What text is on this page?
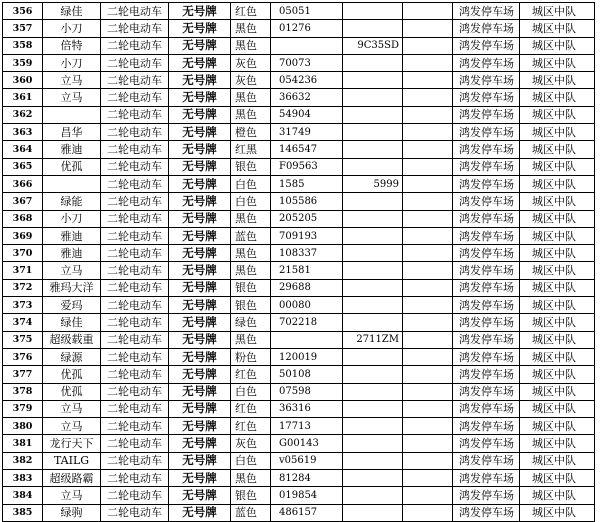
356	绿佳	二轮电动车	无号牌	红色	05051			鸿发停车场	城区中队
357	小刀	二轮电动车	无号牌	黑色	01276			鸿发停车场	城区中队
358	倍特	二轮电动车	无号牌	黑色		9C35SD		鸿发停车场	城区中队
359	小刀	二轮电动车	无号牌	灰色	70073			鸿发停车场	城区中队
360	立马	二轮电动车	无号牌	灰色	054236			鸿发停车场	城区中队
361	立马	二轮电动车	无号牌	黑色	36632			鸿发停车场	城区中队
362		二轮电动车	无号牌	黑色	54904			鸿发停车场	城区中队
363	昌华	二轮电动车	无号牌	橙色	31749			鸿发停车场	城区中队
364	雅迪	二轮电动车	无号牌	红黑	146547			鸿发停车场	城区中队
365	优孤	二轮电动车	无号牌	银色	F09563			鸿发停车场	城区中队
366		二轮电动车	无号牌	白色	1585	5999		鸿发停车场	城区中队
367	绿能	二轮电动车	无号牌	白色	105586			鸿发停车场	城区中队
368	小刀	二轮电动车	无号牌	黑色	205205			鸿发停车场	城区中队
369	雅迪	二轮电动车	无号牌	蓝色	709193			鸿发停车场	城区中队
370	雅迪	二轮电动车	无号牌	黑色	108337			鸿发停车场	城区中队
371	立马	二轮电动车	无号牌	黑色	21581			鸿发停车场	城区中队
372	雅玛大洋	二轮电动车	无号牌	银色	29688			鸿发停车场	城区中队
373	爱玛	二轮电动车	无号牌	银色	00080			鸿发停车场	城区中队
374	绿佳	二轮电动车	无号牌	绿色	702218			鸿发停车场	城区中队
375	超级载重	二轮电动车	无号牌	黑色		2711ZM		鸿发停车场	城区中队
376	绿源	二轮电动车	无号牌	粉色	120019			鸿发停车场	城区中队
377	优孤	二轮电动车	无号牌	红色	50108			鸿发停车场	城区中队
378	优孤	二轮电动车	无号牌	白色	07598			鸿发停车场	城区中队
379	立马	二轮电动车	无号牌	红色	36316			鸿发停车场	城区中队
380	立马	二轮电动车	无号牌	红色	17713			鸿发停车场	城区中队
381	龙行天下	二轮电动车	无号牌	灰色	G00143			鸿发停车场	城区中队
382	TAILG	二轮电动车	无号牌	白色	v05619			鸿发停车场	城区中队
383	超级路霸	二轮电动车	无号牌	黑色	81284			鸿发停车场	城区中队
384	立马	二轮电动车	无号牌	银色	019854			鸿发停车场	城区中队
385	绿驹	二轮电动车	无号牌	蓝色	486157			鸿发停车场	城区中队
